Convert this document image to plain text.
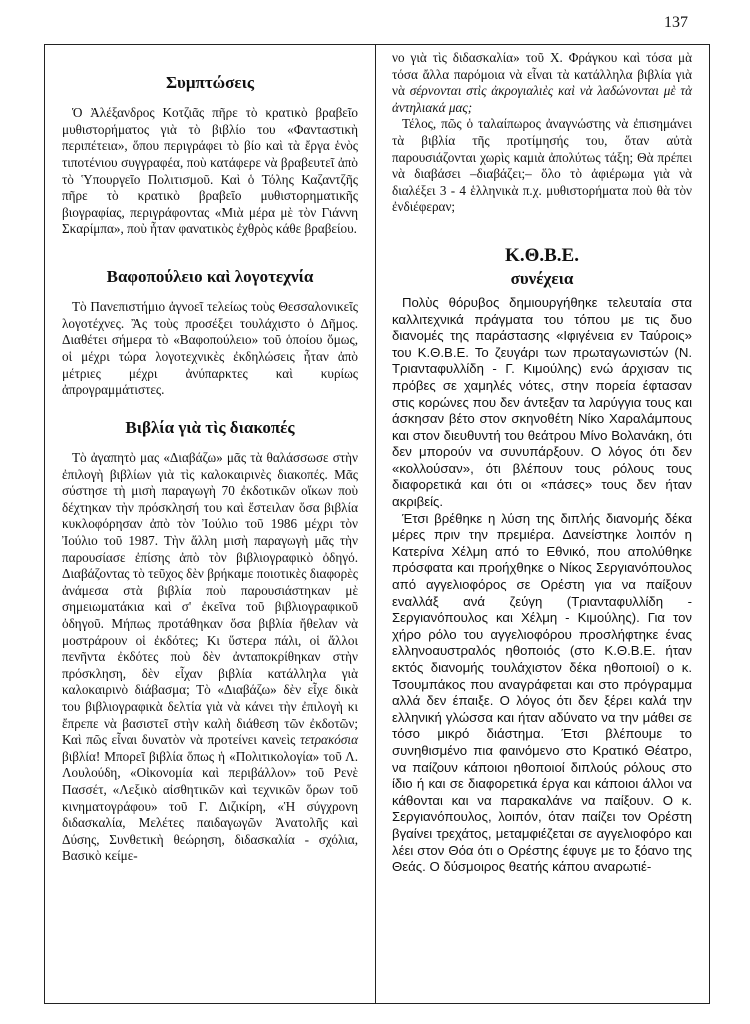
137
Συμπτώσεις

Ὁ Ἀλέξανδρος Κοτζιᾶς πῆρε τὸ κρατικὸ βραβεῖο μυθιστορήματος γιὰ τὸ βιβλίο του «Φανταστικὴ περιπέτεια», ὅπου περιγράφει τὸ βίο καὶ τὰ ἔργα ἑνὸς τιποτένιου συγγραφέα, ποὺ κατάφερε νὰ βραβευτεῖ ἀπὸ τὸ Ὑπουργεῖο Πολιτισμοῦ. Καὶ ὁ Τόλης Καζαντζῆς πῆρε τὸ κρατικὸ βραβεῖο μυθιστορηματικῆς βιογραφίας, περιγράφοντας «Μιὰ μέρα μὲ τὸν Γιάννη Σκαρίμπα», ποὺ ἦταν φανατικὸς ἐχθρὸς κάθε βραβείου.

Βαφοπούλειο καὶ λογοτεχνία

Τὸ Πανεπιστήμιο ἀγνοεῖ τελείως τοὺς Θεσσαλονικεῖς λογοτέχνες. Ἂς τοὺς προσέξει τουλάχιστο ὁ Δῆμος. Διαθέτει σήμερα τὸ «Βαφοπούλειο» τοῦ ὁποίου ὅμως, οἱ μέχρι τώρα λογοτεχνικὲς ἐκδηλώσεις ἦταν ἀπὸ μέτριες μέχρι ἀνύπαρκτες καὶ κυρίως ἀπρογραμμάτιστες.

Βιβλία γιὰ τὶς διακοπές

Τὸ ἀγαπητὸ μας «Διαβάζω» μᾶς τὰ θαλάσσωσε στὴν ἐπιλογὴ βιβλίων γιὰ τὶς καλοκαιρινὲς διακοπές. Μᾶς σύστησε τὴ μισὴ παραγωγὴ 70 ἐκδοτικῶν οἴκων ποὺ δέχτηκαν τὴν πρόσκλησή του καὶ ἔστειλαν ὅσα βιβλία κυκλοφόρησαν ἀπὸ τὸν Ἰούλιο τοῦ 1986 μέχρι τὸν Ἰούλιο τοῦ 1987. Τὴν ἄλλη μισὴ παραγωγὴ μᾶς τὴν παρουσίασε ἐπίσης ἀπὸ τὸν βιβλιογραφικὸ ὀδηγό. Διαβάζοντας τὸ τεῦχος δὲν βρήκαμε ποιοτικὲς διαφορὲς ἀνάμεσα στὰ βιβλία ποὺ παρουσιάστηκαν μὲ σημειωματάκια καὶ σ' ἐκεῖνα τοῦ βιβλιογραφικοῦ ὀδηγοῦ. Μήπως προτάθηκαν ὅσα βιβλία ἤθελαν νὰ μοστράρουν οἱ ἐκδότες; Κι ὕστερα πάλι, οἱ ἄλλοι πενῆντα ἐκδότες ποὺ δὲν ἀνταποκρίθηκαν στὴν πρόσκληση, δὲν εἶχαν βιβλία κατάλληλα γιὰ καλοκαιρινὸ διάβασμα; Τὸ «Διαβάζω» δὲν εἶχε δικὰ του βιβλιογραφικὰ δελτία γιὰ νὰ κάνει τὴν ἐπιλογὴ κι ἔπρεπε νὰ βασιστεῖ στὴν καλὴ διάθεση τῶν ἐκδοτῶν; Καὶ πῶς εἶναι δυνατὸν νὰ προτείνει κανεὶς τετρακόσια βιβλία! Μπορεῖ βιβλία ὅπως ἡ «Πολιτικολογία» τοῦ Λ. Λουλούδη, «Οἰκονομία καὶ περιβάλλον» τοῦ Ρενὲ Πασσέτ, «Λεξικὸ αἰσθητικῶν καὶ τεχνικῶν ὅρων τοῦ κινηματογράφου» τοῦ Γ. Διζικίρη, «Ἡ σύγχρονη διδασκαλία, Μελέτες παιδαγωγῶν Ἀνατολῆς καὶ Δύσης, Συνθετικὴ θεώρηση, διδασκαλία - σχόλια, Βασικὸ κείμε-

νο γιὰ τὶς διδασκαλία» τοῦ Χ. Φράγκου καὶ τόσα μὰ τόσα ἄλλα παρόμοια νὰ εἶναι τὰ κατάλληλα βιβλία γιὰ νὰ σέρνονται στὶς ἀκρογιαλιὲς καὶ νὰ λαδώνονται μὲ τὰ ἀντηλιακά μας;

Τέλος, πῶς ὁ ταλαίπωρος ἀναγνώστης νὰ ἐπισημάνει τὰ βιβλία τῆς προτίμησής του, ὅταν αὐτὰ παρουσιάζονται χωρὶς καμιὰ ἀπολύτως τάξη; Θὰ πρέπει νὰ διαβάσει –διαβάζει;– ὅλο τὸ ἀφιέρωμα γιὰ νὰ διαλέξει 3 - 4 ἑλληνικὰ π.χ. μυθιστορήματα ποὺ θὰ τὸν ἐνδιέφεραν;

Κ.Θ.Β.Ε.
συνέχεια

Πολὺς θόρυβος δημιουργήθηκε τελευταία στα καλλιτεχνικά πράγματα του τόπου με τις δυο διανομές της παράστασης «Ιφιγένεια εν Ταύροις» του Κ.Θ.Β.Ε. Το ζευγάρι των πρωταγωνιστών (Ν. Τριανταφυλλίδη - Γ. Κιμούλης) ενώ άρχισαν τις πρόβες σε χαμηλές νότες, στην πορεία έφτασαν στις κορώνες που δεν άντεξαν τα λαρύγγια τους και άσκησαν βέτο στον σκηνοθέτη Νίκο Χαραλάμπους και στον διευθυντή του θεάτρου Μίνο Βολανάκη, ότι δεν μπορούν να συνυπάρξουν. Ο λόγος ότι δεν «κολλούσαν», ότι βλέπουν τους ρόλους τους διαφορετικά και ότι οι «πάσες» τους δεν ήταν ακριβείς.

Έτσι βρέθηκε η λύση της διπλής διανομής δέκα μέρες πριν την πρεμιέρα. Δανείστηκε λοιπόν η Κατερίνα Χέλμη από το Εθνικό, που απολύθηκε πρόσφατα και προήχθηκε ο Νίκος Σεργιανόπουλος από αγγελιοφόρος σε Ορέστη για να παίξουν εναλλάξ ανά ζεύγη (Τριανταφυλλίδη - Σεργιανόπουλος και Χέλμη - Κιμούλης). Για τον χήρο ρόλο του αγγελιοφόρου προσλήφτηκε ένας ελληνοαυστραλός ηθοποιός (στο Κ.Θ.Β.Ε. ήταν εκτός διανομής τουλάχιστον δέκα ηθοποιοί) ο κ. Τσουμπάκος που αναγράφεται και στο πρόγραμμα αλλά δεν έπαιξε. Ο λόγος ότι δεν ξέρει καλά την ελληνική γλώσσα και ήταν αδύνατο να την μάθει σε τόσο μικρό διάστημα. Έτσι βλέπουμε το συνηθισμένο πια φαινόμενο στο Κρατικό Θέατρο, να παίζουν κάποιοι ηθοποιοί διπλούς ρόλους στο ίδιο ή και σε διαφορετικά έργα και κάποιοι άλλοι να κάθονται και να παρακαλάνε να παίξουν. Ο κ. Σεργιανόπουλος, λοιπόν, όταν παίζει τον Ορέστη βγαίνει τρεχάτος, μεταμφιέζεται σε αγγελιοφόρο και λέει στον Θόα ότι ο Ορέστης έφυγε με το ξόανο της Θεάς. Ο δύσμοιρος θεατής κάπου αναρωτιέ-
